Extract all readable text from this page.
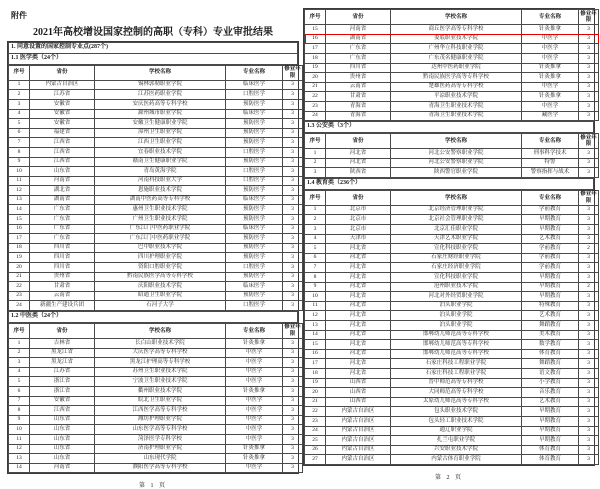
附件
2021年高校增设国家控制的高职（专科）专业审批结果
1. 同意设置的国家控制专业点(287个)
1.1 医学类（24个）
序号	省份	学校名称	专业名称	修业年限
1	内蒙古自治区	锡林郭勒职业学院	临床医学	3
2	江苏省	江苏医药职业学院	口腔医学	3
3	安徽省	安庆医药高等专科学校	预防医学	3
4	安徽省	滁州城市职业学院	临床医学	3
5	安徽省	安徽卫生健康职业学院	预防医学	3
6	福建省	漳州卫生职业学院	预防医学	3
7	江西省	江西卫生职业学院	预防医学	3
8	江西省	宜春职业技术学院	口腔医学	3
9	江西省	赣南卫生健康职业学院	预防医学	3
10	山东省	青岛黄海学院	口腔医学	3
11	河南省	河南科技职业大学	口腔医学	3
12	湖北省	恩施职业技术学院	预防医学	3
13	湖南省	湖南中医药高等专科学校	临床医学	3
14	广东省	惠州卫生职业技术学院	预防医学	3
15	广东省	广州卫生职业技术学院	预防医学	3
16	广东省	广东江门中医药职业学院	临床医学	3
17	广东省	广东江门中医药职业学院	预防医学	3
18	四川省	巴中职业技术学院	预防医学	3
19	四川省	四川护理职业学院	预防医学	3
20	四川省	资阳口腔职业学院	口腔医学	3
21	贵州省	黔南民族医学高等专科学校	预防医学	3
22	甘肃省	庆阳职业技术学院	临床医学	3
23	云南省	昭通卫生职业学院	预防医学	3
24	新疆生产建设兵团	石河子大学	口腔医学	3
1.2 中医类（24个）
序号	省份	学校名称	专业名称	修业年限
1	吉林省	长白山职业技术学院	针灸推拿	3
2	黑龙江省	大庆医学高等专科学校	中医学	3
3	黑龙江省	黑龙江护理高等专科学校	中医学	3
4	江苏省	苏州卫生职业技术学院	中医学	3
5	浙江省	宁波卫生职业技术学院	中医学	3
6	浙江省	衢州职业技术学院	针灸推拿	3
7	安徽省	皖北卫生职业学院	中医学	3
8	江西省	江西医学高等专科学校	中医学	3
9	山东省	潍坊护理职业学院	中医学	3
10	山东省	山东医学高等专科学校	中医学	3
11	山东省	菏泽医学专科学校	中医学	3
12	山东省	济南护理职业学院	针灸推拿	3
13	山东省	山东现代学院	针灸推拿	3
14	河南省	濮阳医学高等专科学校	中医学	3
第 1 页
序号	省份	学校名称	专业名称	修业年限
15	河南省	商丘医学高等专科学校	针灸推拿	3
16	湖南省	娄底职业技术学院	中医学	3
17	广东省	广州华立科技职业学院	中医学	3
18	广东省	广东茂名健康职业学院	中医学	3
19	四川省	达州中医药职业学院	针灸推拿	3
20	贵州省	黔南民族医学高等专科学校	针灸推拿	3
21	云南省	楚雄医药高等专科学校	中医学	3
22	甘肃省	平凉职业技术学院	针灸推拿	3
23	青海省	青海卫生职业技术学院	中医学	3
24	青海省	青海卫生职业技术学院	藏医学	3
1.3 公安类（3个）
序号	省份	学校名称	专业名称	修业年限
1	河北省	河北公安警察职业学院	刑事科学技术	3
2	河北省	河北公安警察职业学院	特警	3
3	陕西省	陕西警官职业学院	警察指挥与战术	3
1.4 教育类（236个）
序号	省份	学校名称	专业名称	修业年限
1	北京市	北京经济管理职业学院	学前教育	3
2	北京市	北京社会管理职业学院	早期教育	3
3	北京市	北京汇佳职业学院	早期教育	3
4	天津市	天津艺术职业学院	艺术教育	3
5	河北省	宣化科技职业学院	学前教育	2
6	河北省	石家庄财经职业学院	学前教育	3
7	河北省	石家庄经济职业学院	学前教育	3
8	河北省	宣化科技职业学院	早期教育	3
9	河北省	沧州职业技术学院	早期教育	2
10	河北省	河北对外经贸职业学院	早期教育	3
11	河北省	泊头职业学院	特殊教育	3
12	河北省	泊头职业学院	艺术教育	3
13	河北省	泊头职业学院	舞蹈教育	3
14	河北省	邯郸幼儿师范高等专科学校	美术教育	3
15	河北省	邯郸幼儿师范高等专科学校	数学教育	3
16	河北省	邯郸幼儿师范高等专科学校	体育教育	3
17	河北省	石家庄科技工程职业学院	舞蹈教育	3
18	河北省	石家庄科技工程职业学院	语文教育	3
19	山西省	晋中师范高等专科学校	小学教育	3
20	山西省	大同师范高等专科学校	音乐教育	3
21	山西省	太原幼儿师范高等专科学校	艺术教育	3
22	内蒙古自治区	包头职业技术学院	早期教育	3
23	内蒙古自治区	包头轻工职业技术学院	早期教育	3
24	内蒙古自治区	通辽职业学院	早期教育	3
25	内蒙古自治区	扎兰屯职业学院	早期教育	3
26	内蒙古自治区	兴安职业技术学院	体育教育	3
27	内蒙古自治区	内蒙古体育职业学院	体育教育	3
第 2 页
